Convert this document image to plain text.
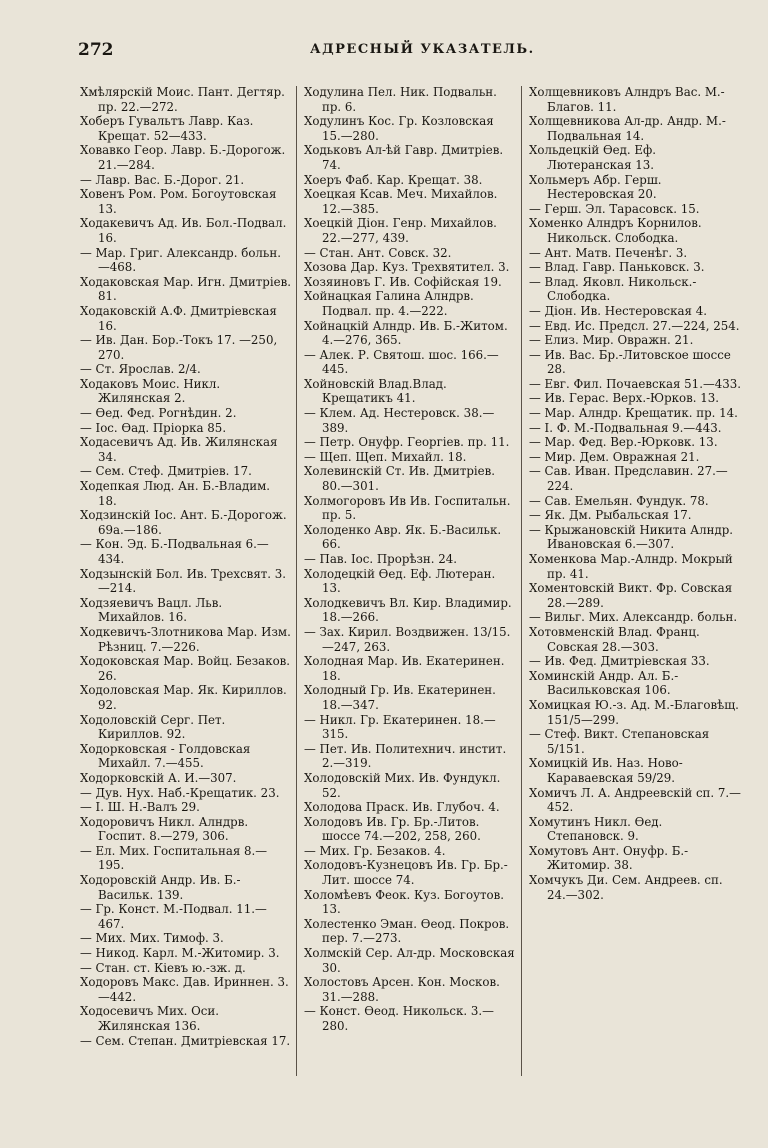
272	АДРЕСНЫЙ УКАЗАТЕЛЬ.
Хмѣлярскій Моис. Пант. Дегтяр. пр. 22.—272.
Хоберъ Гувальтъ Лавр. Каз. Крещат. 52—433.
Ховавко Геор. Лавр. Б.-Дорогож. 21.—284.
— Лавр. Вас. Б.-Дорог. 21.
Ховенъ Ром. Ром. Богоутовская 13.
Ходакевичъ Ад. Ив. Бол.-Подвал. 16.
— Мар. Григ. Александр. больн.—468.
Ходаковская Мар. Игн. Дмитріев. 81.
Ходаковскій А.Ф. Дмитріевская 16.
— Ив. Дан. Бор.-Токъ 17. —250, 270.
— Ст. Ярослав. 2/4.
Ходаковъ Моис. Никл. Жилянская 2.
— Ѳед. Фед. Рогнѣдин. 2.
— Іос. Ѳад. Пріорка 85.
Ходасевичъ Ад. Ив. Жилянская 34.
— Сем. Стеф. Дмитріев. 17.
Ходепкая Люд. Ан. Б.-Владим. 18.
Ходзинскій Іос. Ант. Б.-Дорогож. 69а.—186.
— Кон. Эд. Б.-Подвальная 6.—434.
Ходзынскій Бол. Ив. Трехсвят. 3.—214.
Ходзяевичъ Вацл. Льв. Михайлов. 16.
Ходкевичъ-Злотникова Мар. Изм. Рѣзниц. 7.—226.
Ходоковская Мар. Войц. Безаков. 26.
Ходоловская Мар. Як. Кириллов. 92.
Ходоловскій Серг. Пет. Кириллов. 92.
Ходорковская - Голдовская Михайл. 7.—455.
Ходорковскій А. И.—307.
— Дув. Нух. Наб.-Крещатик. 23.
— І. Ш. Н.-Валъ 29.
Ходоровичъ Никл. Алндрв. Госпит. 8.—279, 306.
— Ел. Мих. Госпитальная 8.—195.
Ходоровскій Андр. Ив. Б.-Васильк. 139.
— Гр. Конст. М.-Подвал. 11.—467.
— Мих. Мих. Тимоф. 3.
— Никод. Карл. М.-Житомир. 3.
— Стан. ст. Кіевъ ю.-зж. д.
Ходоровъ Макс. Дав. Ириннен. 3.—442.
Ходосевичъ Мих. Оси. Жилянская 136.
— Сем. Степан. Дмитріевская 17.
Ходулина Пел. Ник. Подвальн. пр. 6.
Ходулинъ Кос. Гр. Козловская 15.—280.
Ходьковъ Ал-ѣй Гавр. Дмитріев. 74.
Хоеръ Фаб. Кар. Крещат. 38.
Хоецкая Ксав. Меч. Михайлов. 12.—385.
Хоецкій Діон. Генр. Михайлов. 22.—277, 439.
— Стан. Ант. Совск. 32.
Хозова Дар. Куз. Трехвятител. 3.
Хозяиновъ Г. Ив. Софійская 19.
Хойнацкая Галина Алндрв. Подвал. пр. 4.—222.
Хойнацкій Алндр. Ив. Б.-Житом. 4.—276, 365.
— Алек. Р. Святош. шос. 166.—445.
Хойновскій Влад.Влад. Крещатикъ 41.
— Клем. Ад. Нестеровск. 38.—389.
— Петр. Онуфр. Георгіев. пр. 11.
— Щеп. Щеп. Михайл. 18.
Холевинскій Ст. Ив. Дмитріев. 80.—301.
Холмогоровъ Ив Ив. Госпитальн. пр. 5.
Холоденко Авр. Як. Б.-Васильк. 66.
— Пав. Іос. Прорѣзн. 24.
Холодецкій Ѳед. Еф. Лютеран. 13.
Холодкевичъ Вл. Кир. Владимир. 18.—266.
— Зах. Кирил. Воздвижен. 13/15.—247, 263.
Холодная Мар. Ив. Екатеринен. 18.
Холодный Гр. Ив. Екатеринен. 18.—347.
— Никл. Гр. Екатеринен. 18.—315.
— Пет. Ив. Политехнич. инстит. 2.—319.
Холодовскій Мих. Ив. Фундукл. 52.
Холодова Праск. Ив. Глубоч. 4.
Холодовъ Ив. Гр. Бр.-Литов. шоссе 74.—202, 258, 260.
— Мих. Гр. Безаков. 4.
Холодовъ-Кузнецовъ Ив. Гр. Бр.-Лит. шоссе 74.
Холомѣевъ Феок. Куз. Богоутов. 13.
Холестенко Эман. Ѳеод. Покров. пер. 7.—273.
Холмскій Сер. Ал-др. Московская 30.
Холостовъ Арсен. Кон. Москов. 31.—288.
— Конст. Ѳеод. Никольск. 3.—280.
Холщевниковъ Алндръ Вас. М.-Благов. 11.
Холщевникова Ал-др. Андр. М.-Подвальная 14.
Хольдецкій Ѳед. Еф. Лютеранская 13.
Хольмеръ Абр. Герш. Нестеровская 20.
— Герш. Эл. Тарасовск. 15.
Хоменко Алндръ Корнилов. Никольск. Слободка.
— Ант. Матв. Печенѣг. 3.
— Влад. Гавр. Паньковск. 3.
— Влад. Яковл. Никольск.-Слободка.
— Діон. Ив. Нестеровская 4.
— Евд. Ис. Предсл. 27.—224, 254.
— Елиз. Мир. Овражн. 21.
— Ив. Вас. Бр.-Литовское шоссе 28.
— Евг. Фил. Почаевская 51.—433.
— Ив. Герас. Верх.-Юрков. 13.
— Мар. Алндр. Крещатик. пр. 14.
— І. Ф. М.-Подвальная 9.—443.
— Мар. Фед. Вер.-Юрковк. 13.
— Мир. Дем. Овражная 21.
— Сав. Иван. Предславин. 27.—224.
— Сав. Емельян. Фундук. 78.
— Як. Дм. Рыбальская 17.
— Крыжановскій Никита Алндр. Ивановская 6.—307.
Хоменкова Мар.-Алндр. Мокрый пр. 41.
Хоментовскій Викт. Фр. Совская 28.—289.
— Вильг. Мих. Александр. больн.
Хотовменскій Влад. Франц. Совская 28.—303.
— Ив. Фед. Дмитріевская 33.
Хоминскій Андр. Ал. Б.-Васильковская 106.
Хомицкая Ю.-з. Ад. М.-Благовѣщ. 151/5—299.
— Стеф. Викт. Степановская 5/151.
Хомицкій Ив. Наз. Ново-Караваевская 59/29.
Хомичъ Л. А. Андреевскій сп. 7.—452.
Хомутинъ Никл. Ѳед. Степановск. 9.
Хомутовъ Ант. Онуфр. Б.-Житомир. 38.
Хомчукъ Ди. Сем. Андреев. сп. 24.—302.
